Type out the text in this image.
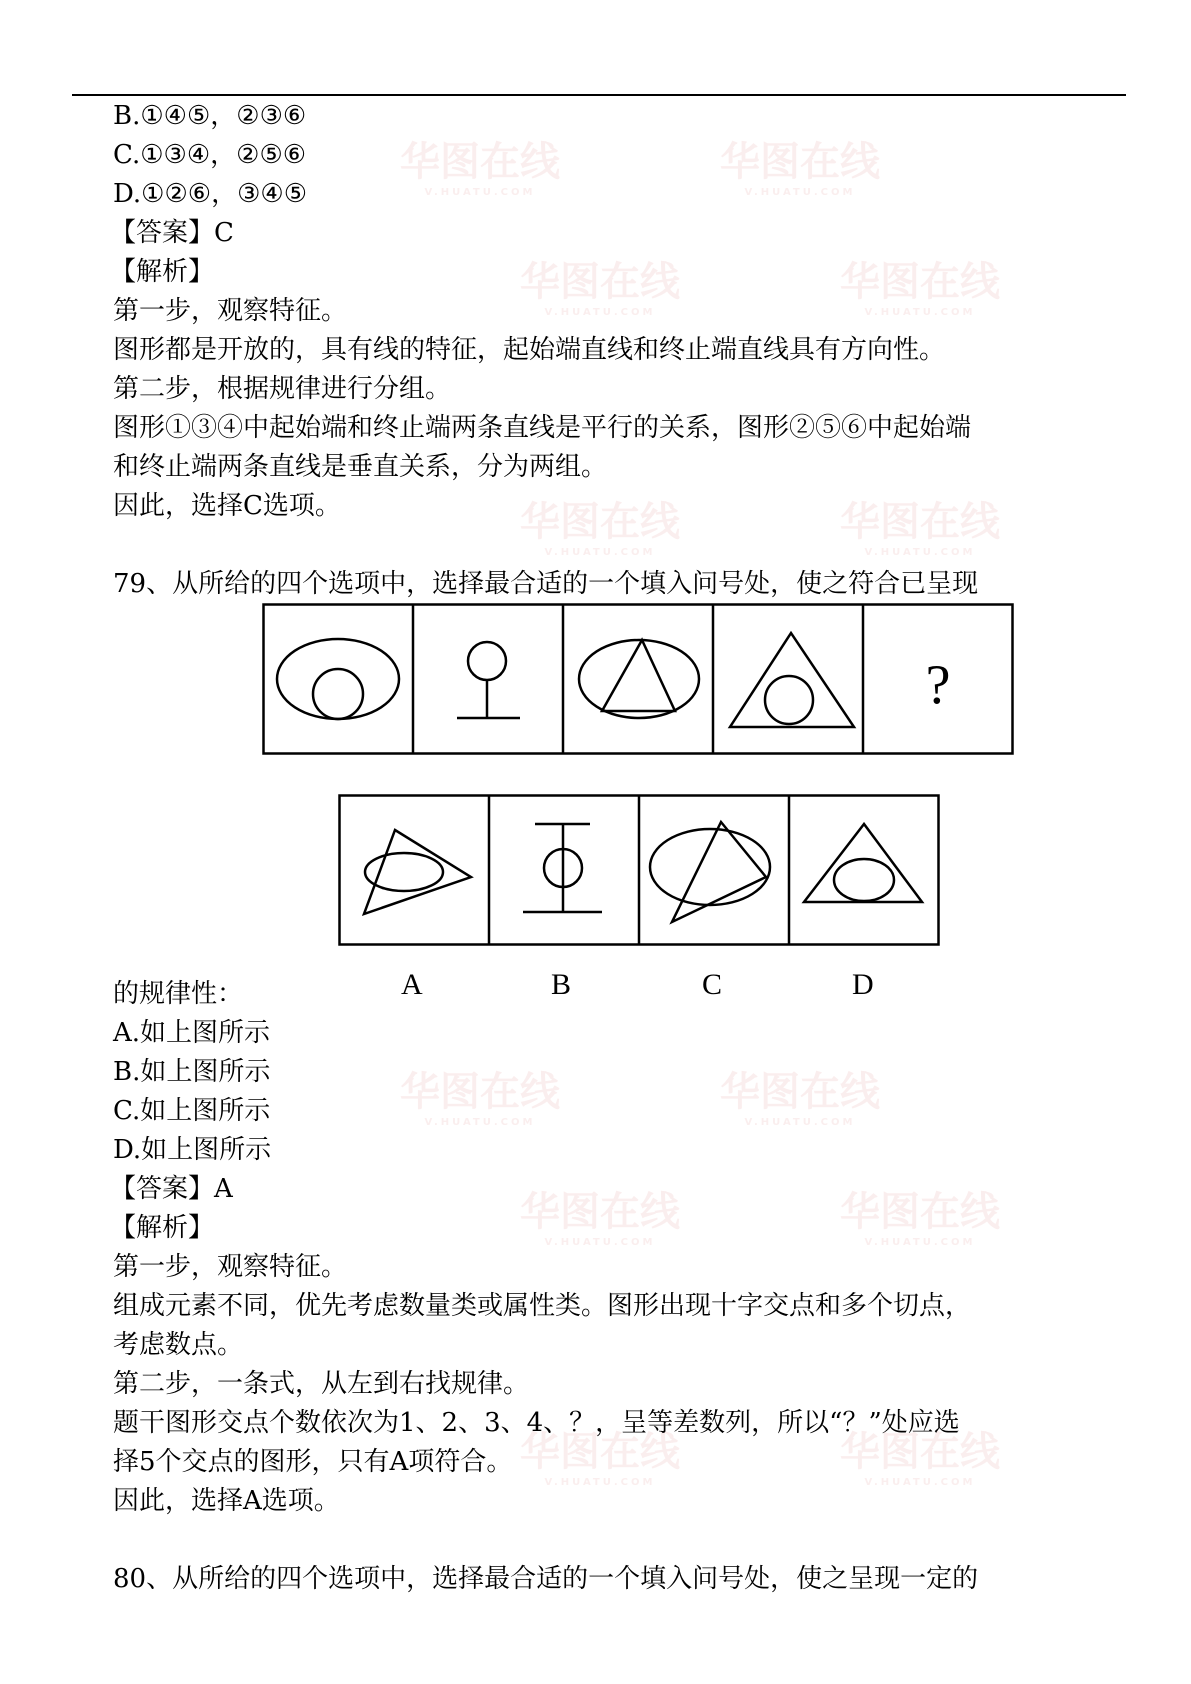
华图在线
V.HUATU.COM
华图在线
V.HUATU.COM
华图在线
V.HUATU.COM
华图在线
V.HUATU.COM
华图在线
V.HUATU.COM
华图在线
V.HUATU.COM
华图在线
V.HUATU.COM
华图在线
V.HUATU.COM
华图在线
V.HUATU.COM
华图在线
V.HUATU.COM
华图在线
V.HUATU.COM
华图在线
V.HUATU.COM
B.①④⑤，②③⑥
C.①③④，②⑤⑥
D.①②⑥，③④⑤
【答案】C
【解析】
第一步，观察特征。
图形都是开放的，具有线的特征，起始端直线和终止端直线具有方向性。
第二步，根据规律进行分组。
图形①③④中起始端和终止端两条直线是平行的关系，图形②⑤⑥中起始端
和终止端两条直线是垂直关系，分为两组。
因此，选择C选项。
79、从所给的四个选项中，选择最合适的一个填入问号处，使之符合已呈现
?
A	B	C	D
的规律性：
A.如上图所示
B.如上图所示
C.如上图所示
D.如上图所示
【答案】A
【解析】
第一步，观察特征。
组成元素不同，优先考虑数量类或属性类。图形出现十字交点和多个切点，
考虑数点。
第二步，一条式，从左到右找规律。
题干图形交点个数依次为1、2、3、4、？，呈等差数列，所以“？”处应选
择5个交点的图形，只有A项符合。
因此，选择A选项。
80、从所给的四个选项中，选择最合适的一个填入问号处，使之呈现一定的
